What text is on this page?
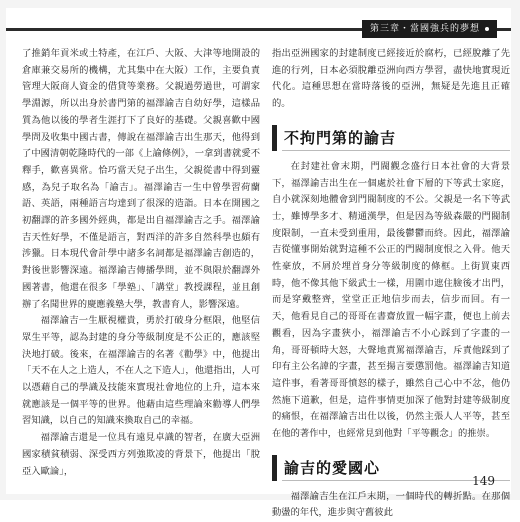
第三章・當國強兵的夢想

了推銷年貢米或土特產，在江戶、大阪、大津等地開設的倉庫兼交易所的機構，尤其集中在大阪）工作，主要負責管理大阪商人資金的借貸等業務。父親過勞過世，可謂家學淵源，所以出身於書門第的福澤諭吉自幼好學，這樣品質為他以後的學者生涯打下了良好的基礎。父親喜歡中國學問及收集中國古書，傳說在福澤諭吉出生那天，他得到了中國清朝乾隆時代的一部《上諭條例》，一拿到書就愛不釋手，歡喜異常。恰巧當天兒子出生，父親從書中得到靈感，為兒子取名為「諭吉」。福澤諭吉一生中曾學習荷蘭語、英語，兩種語言均達到了很深的造詣。日本在開國之初翻譯的許多國外經典，都是出自福澤諭吉之手。福澤諭吉天性好學，不僅是語言，對西洋的許多自然科學也頗有涉獵。日本現代會計學中諸多名詞都是福澤諭吉創造的，對後世影響深遠。福澤諭吉傳播學問，並不與限於翻譯外國著書，他還在很多「學塾」、「講堂」教授課程，並且創辦了名聞世界的慶應義塾大學，教書育人，影響深遠。

福澤諭吉一生厭視權貴，勇於打破身分框限，他堅信眾生平等，認為封建的身分等級制度是不公正的，應該堅決地打破。後來，在福澤諭吉的名著《勸學》中，他提出「天不在人之上造人，不在人之下造人」，他還指出，人可以憑藉自己的學識及技能來實現社會地位的上升，這本來就應該是一個平等的世界。他藉由這些理論來勸導人們學習知識，以自己的知識來換取自己的幸福。

福澤諭吉還是一位具有遠見卓識的智者，在廣大亞洲國家積貧積弱、深受西方列強欺凌的背景下，他提出「脫亞入歐論」，

指出亞洲國家的封建制度已經接近於腐朽，已經脫離了先進的行列，日本必須脫離亞洲向西方學習，盡快地實現近代化。這種思想在當時落後的亞洲，無疑是先進且正確的。

不拘門第的諭吉

在封建社會末期，門閥觀念盛行日本社會的大背景下，福澤諭吉出生在一個處於社會下層的下等武士家庭，自小就深刻地體會到門閥制度的不公。父親是一名下等武士，雖博學多才、精通漢學，但是因為等級森嚴的門閥制度限制，一直未受到重用，最後鬱鬱而終。因此，福澤諭吉從懂事開始就對這種不公正的門閥制度恨之入骨。他天性豪放，不屑於埋首身分等級制度的條框。上街買東西時，他不像其他下級武士一樣，用圍巾遮住臉後才出門，而是穿戴整齊，堂堂正正地信步而去，信步而回。有一天，他看見自己的哥哥在書齋放置一幅字畫，便也上前去觀看，因為字畫狹小，福澤諭吉不小心踩到了字畫的一角，哥哥頓時大怒，大聲地責罵福澤諭吉，斥責他踩到了印有主公名諱的字畫，甚至揚言要懲罰他。福澤諭吉知道這件事，看著哥哥憤怒的樣子，雖然自己心中不忿，他仍然施下道歉，但是，這件事情更加深了他對封建等級制度的痛恨，在福澤諭吉出仕以後，仍然主張人人平等，甚至在他的著作中，也經常見到他對「平等觀念」的推崇。

諭吉的愛國心

福澤諭吉生在江戶末期，一個時代的轉折點。在那個動盪的年代，進步與守舊彼此

149
